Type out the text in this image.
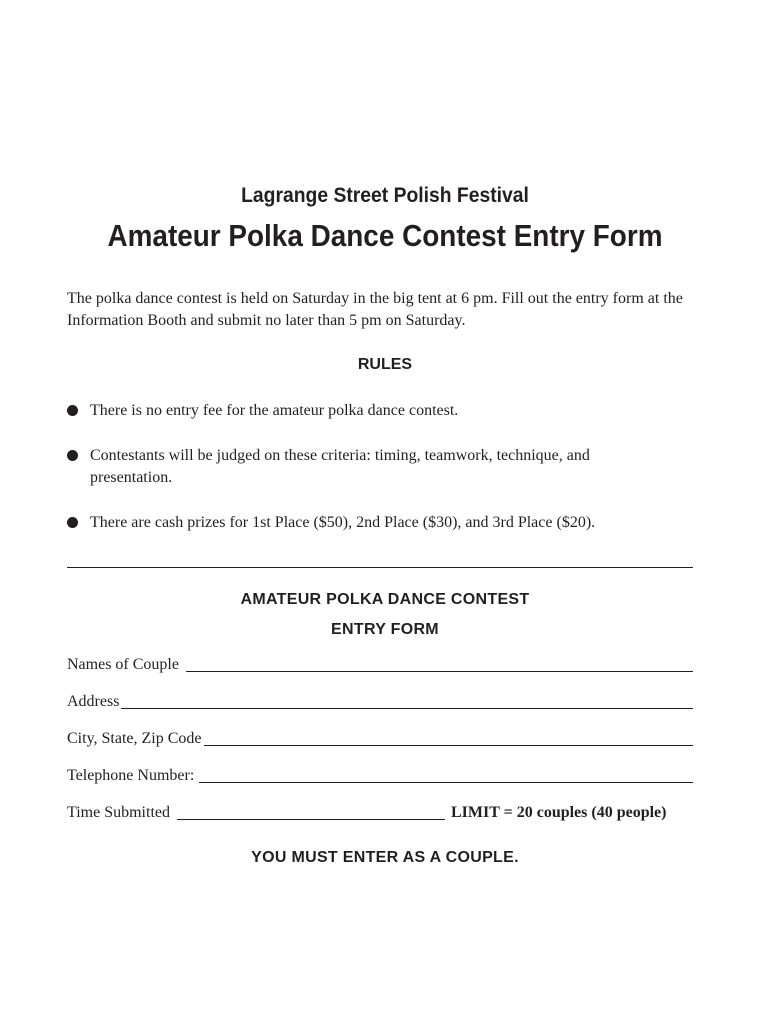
Lagrange Street Polish Festival
Amateur Polka Dance Contest Entry Form
The polka dance contest is held on Saturday in the big tent at 6 pm. Fill out the entry form at the Information Booth and submit no later than 5 pm on Saturday.
RULES
There is no entry fee for the amateur polka dance contest.
Contestants will be judged on these criteria: timing, teamwork, technique, and presentation.
There are cash prizes for 1st Place ($50), 2nd Place ($30), and 3rd Place ($20).
AMATEUR POLKA DANCE CONTEST
ENTRY FORM
Names of Couple
Address
City, State, Zip Code
Telephone Number:
Time Submitted	LIMIT = 20 couples (40 people)
YOU MUST ENTER AS A COUPLE.
